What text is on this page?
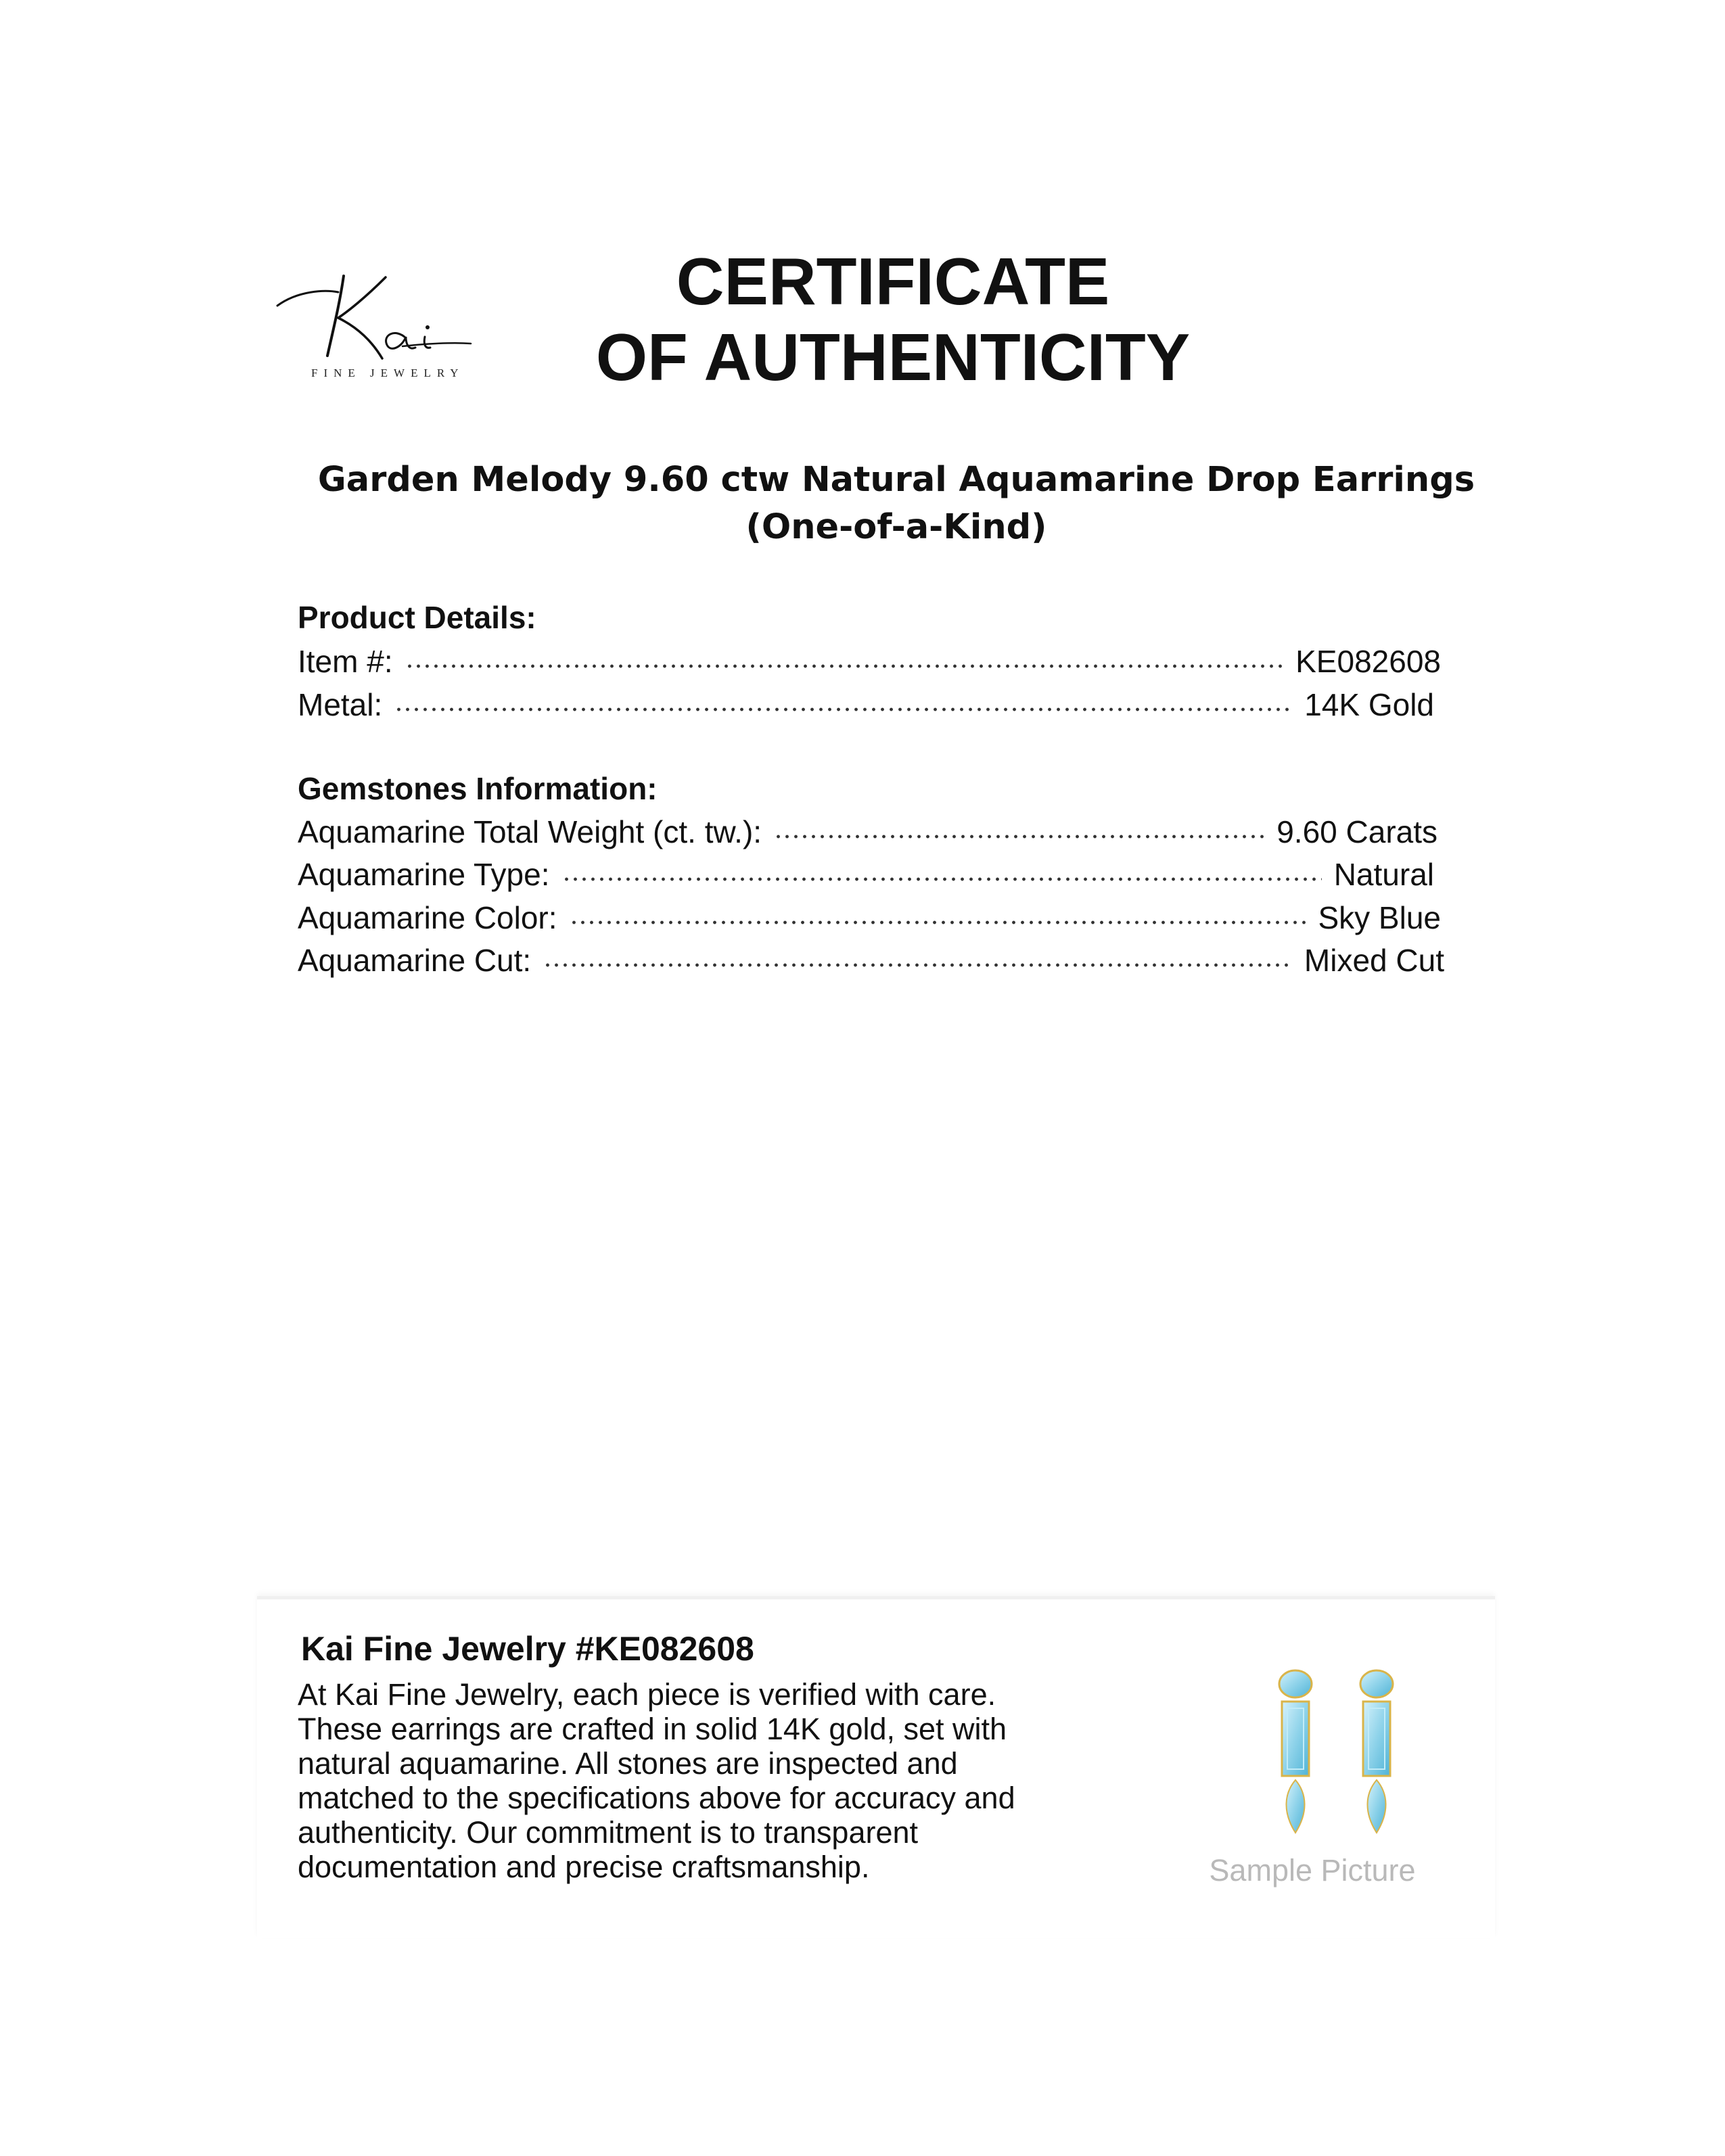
FINE JEWELRY
CERTIFICATE
OF AUTHENTICITY
Garden Melody 9.60 ctw Natural Aquamarine Drop Earrings
(One-of-a-Kind)
Product Details:
Item #:	KE082608
Metal:	14K Gold
Gemstones Information:
Aquamarine Total Weight (ct. tw.):	9.60 Carats
Aquamarine Type:	Natural
Aquamarine Color:	Sky Blue
Aquamarine Cut:	Mixed Cut
Kai Fine Jewelry #KE082608
At Kai Fine Jewelry, each piece is verified with care.
These earrings are crafted in solid 14K gold, set with
natural aquamarine. All stones are inspected and
matched to the specifications above for accuracy and
authenticity. Our commitment is to transparent
documentation and precise craftsmanship.	Sample Picture
